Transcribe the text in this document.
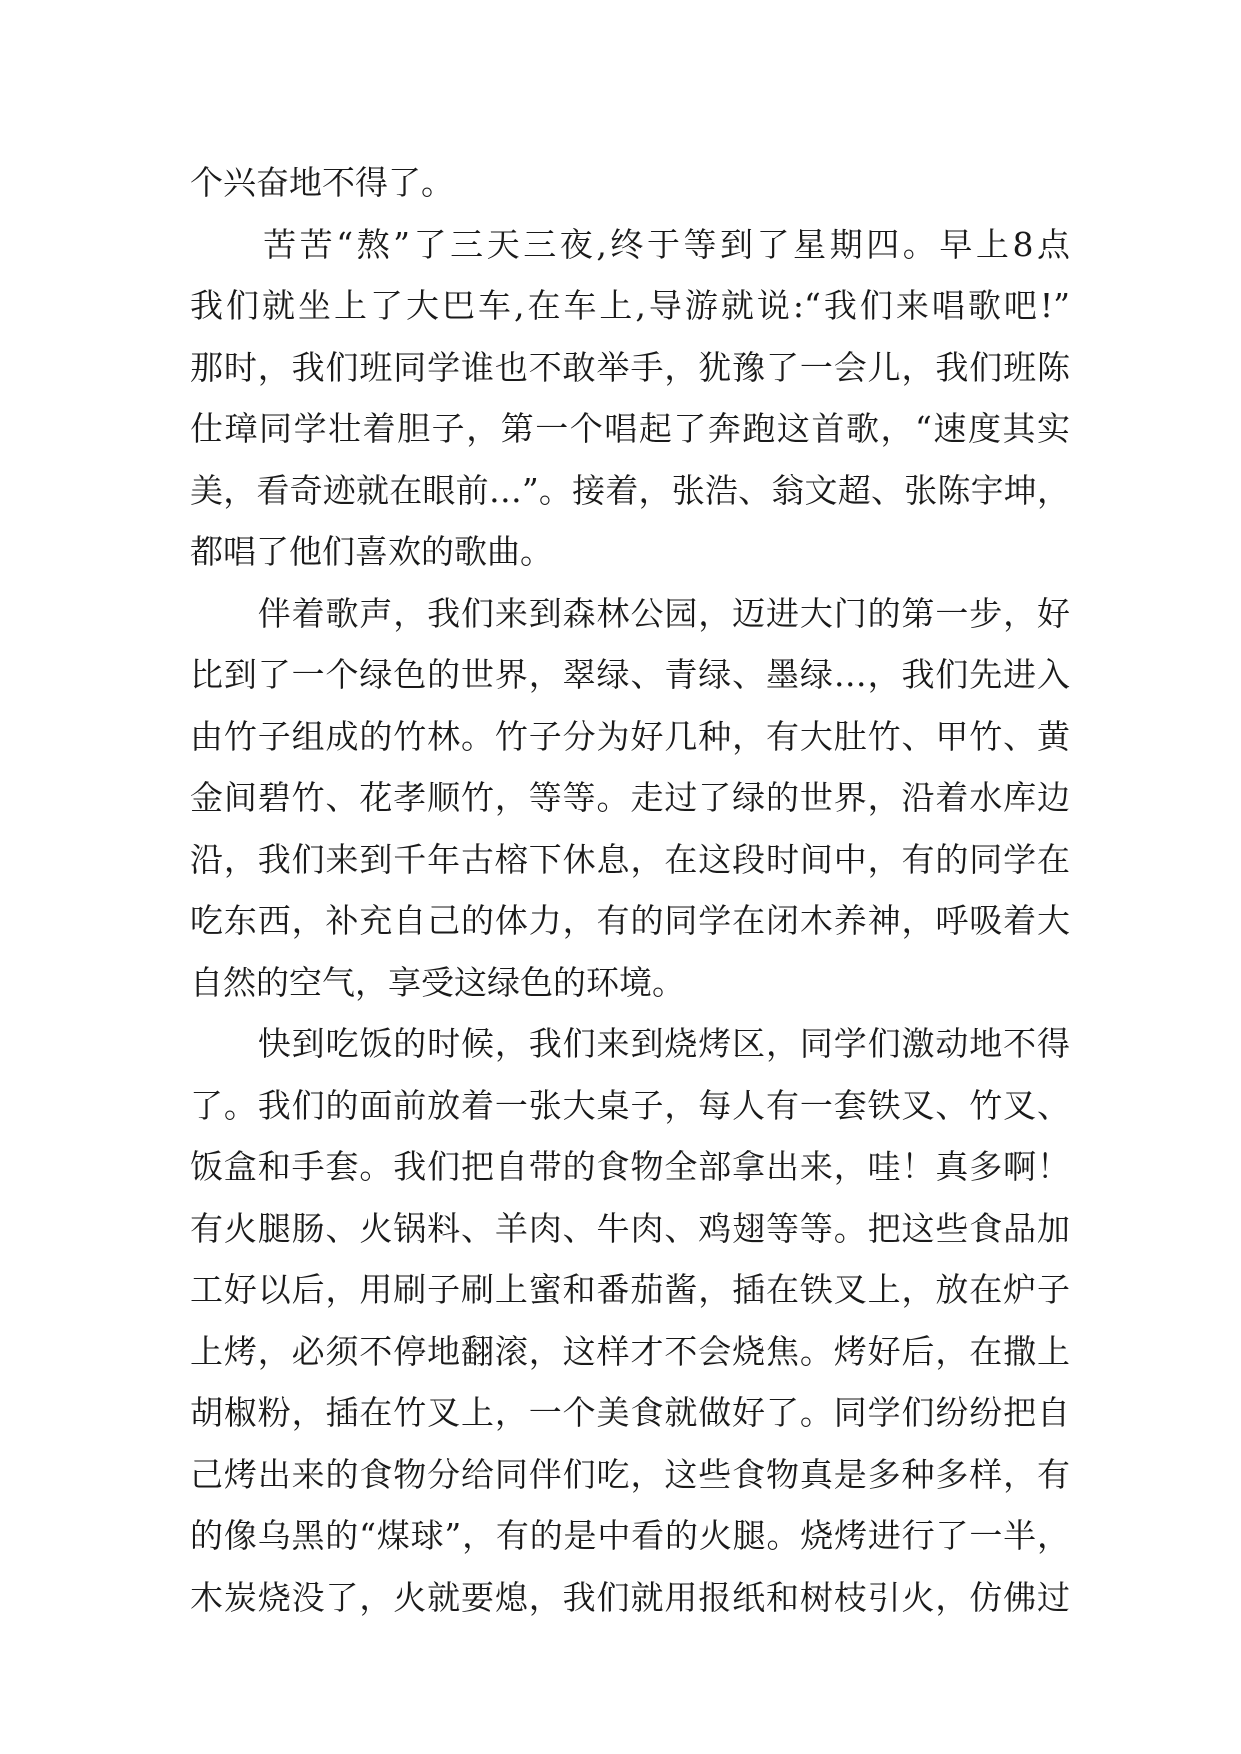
个兴奋地不得了。
　　苦苦“熬”了三天三夜,终于等到了星期四。早上8点
我们就坐上了大巴车,在车上,导游就说:“我们来唱歌吧!”
那时，我们班同学谁也不敢举手，犹豫了一会儿，我们班陈
仕璋同学壮着胆子，第一个唱起了奔跑这首歌，“速度其实
美，看奇迹就在眼前…”。接着，张浩、翁文超、张陈宇坤，
都唱了他们喜欢的歌曲。
　　伴着歌声，我们来到森林公园，迈进大门的第一步，好
比到了一个绿色的世界，翠绿、青绿、墨绿…，我们先进入
由竹子组成的竹林。竹子分为好几种，有大肚竹、甲竹、黄
金间碧竹、花孝顺竹，等等。走过了绿的世界，沿着水库边
沿，我们来到千年古榕下休息，在这段时间中，有的同学在
吃东西，补充自己的体力，有的同学在闭木养神，呼吸着大
自然的空气，享受这绿色的环境。
　　快到吃饭的时候，我们来到烧烤区，同学们激动地不得
了。我们的面前放着一张大桌子，每人有一套铁叉、竹叉、
饭盒和手套。我们把自带的食物全部拿出来，哇！真多啊！
有火腿肠、火锅料、羊肉、牛肉、鸡翅等等。把这些食品加
工好以后，用刷子刷上蜜和番茄酱，插在铁叉上，放在炉子
上烤，必须不停地翻滚，这样才不会烧焦。烤好后，在撒上
胡椒粉，插在竹叉上，一个美食就做好了。同学们纷纷把自
己烤出来的食物分给同伴们吃，这些食物真是多种多样，有
的像乌黑的“煤球”，有的是中看的火腿。烧烤进行了一半，
木炭烧没了，火就要熄，我们就用报纸和树枝引火，仿佛过
